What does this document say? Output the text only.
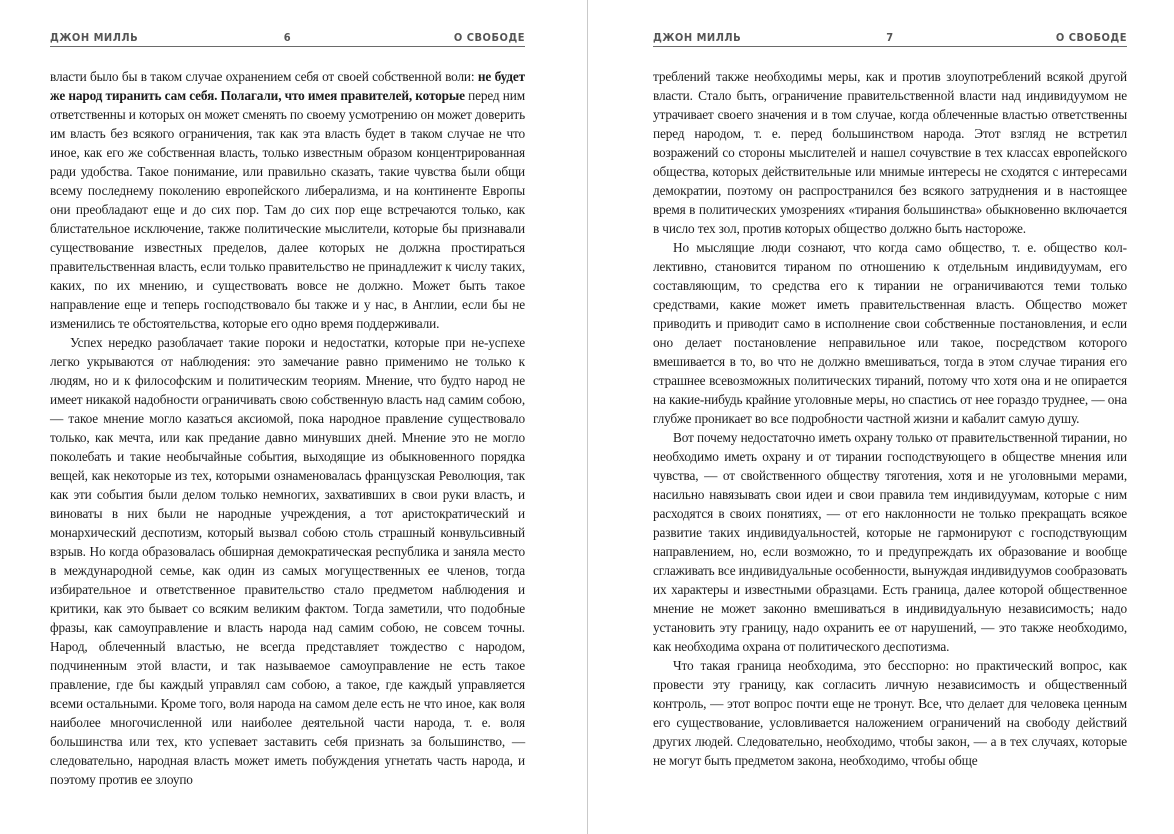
ДЖОН МИЛЛЬ	6	О СВОБОДЕ

власти было бы в таком случае охранением себя от своей собственной воли: не будет же народ тиранить сам себя. Полагали, что имея правителей, которые перед ним ответственны и которых он может сменять по своему усмотрению он может доверить им власть без всякого ограничения, так как эта власть будет в таком случае не что иное, как его же собственная власть, только известным образом концентрированная ради удобства. Такое понимание, или правильно сказать, такие чувства были общи всему последнему поколению европейского либерализма, и на континенте Европы они преобладают еще и до сих пор. Там до сих пор еще встречаются только, как блистательное исключение, также политические мыслители, которые бы признавали существование известных пределов, далее которых не должна простираться правительственная власть, если только правительство не принадлежит к числу таких, каких, по их мнению, и существовать вовсе не должно. Может быть такое направление еще и теперь господствовало бы также и у нас, в Англии, если бы не изменились те обстоятельства, которые его одно время поддерживали.

Успех нередко разоблачает такие пороки и недостатки, которые при не-успехе легко укрываются от наблюдения: это замечание равно применимо не только к людям, но и к философским и политическим теориям. Мнение, что будто народ не имеет никакой надобности ограничивать свою собственную власть над самим собою, — такое мнение могло казаться аксиомой, пока народное правление существовало только, как мечта, или как предание давно минувших дней. Мнение это не могло поколебать и такие необычайные события, выходящие из обыкновенного порядка вещей, как некоторые из тех, которыми ознаменовалась французская Революция, так как эти события были делом только немногих, захвативших в свои руки власть, и виноваты в них были не народные учреждения, а тот аристократический и монархический деспотизм, который вызвал собою столь страшный конвульсивный взрыв. Но когда образовалась обширная демократическая республика и заняла место в международной семье, как один из самых могущественных ее членов, тогда избирательное и ответственное правительство стало предметом наблюдения и критики, как это бывает со всяким великим фактом. Тогда заметили, что подобные фразы, как самоуправление и власть народа над самим собою, не совсем точны. Народ, облеченный властью, не всегда представляет тождество с народом, подчиненным этой власти, и так называемое самоуправление не есть такое правление, где бы каждый управлял сам собою, а такое, где каждый управляется всеми остальными. Кроме того, воля народа на самом деле есть не что иное, как воля наиболее многочисленной или наиболее деятельной части народа, т. е. воля большинства или тех, кто успевает заставить себя признать за большинство, — следовательно, народная власть может иметь побуждения угнетать часть народа, и поэтому против ее злоупо

ДЖОН МИЛЛЬ	7	О СВОБОДЕ

треблений также необходимы меры, как и против злоупотреблений всякой другой власти. Стало быть, ограничение правительственной власти над индивидуумом не утрачивает своего значения и в том случае, когда облеченные властью ответственны перед народом, т. е. перед большинством народа. Этот взгляд не встретил возражений со стороны мыслителей и нашел сочувствие в тех классах европейского общества, которых действительные или мнимые интересы не сходятся с интересами демократии, поэтому он распространился без всякого затруднения и в настоящее время в политических умозрениях «тирания большинства» обыкновенно включается в число тех зол, против которых общество должно быть настороже.

Но мыслящие люди сознают, что когда само общество, т. е. общество коллективно, становится тираном по отношению к отдельным индивидуумам, его составляющим, то средства его к тирании не ограничиваются теми только средствами, какие может иметь правительственная власть. Общество может приводить и приводит само в исполнение свои собственные постановления, и если оно делает постановление неправильное или такое, посредством которого вмешивается в то, во что не должно вмешиваться, тогда в этом случае тирания его страшнее всевозможных политических тираний, потому что хотя она и не опирается на какие-нибудь крайние уголовные меры, но спастись от нее гораздо труднее, — она глубже проникает во все подробности частной жизни и кабалит самую душу.

Вот почему недостаточно иметь охрану только от правительственной тирании, но необходимо иметь охрану и от тирании господствующего в обществе мнения или чувства, — от свойственного обществу тяготения, хотя и не уголовными мерами, насильно навязывать свои идеи и свои правила тем индивидуумам, которые с ним расходятся в своих понятиях, — от его наклонности не только прекращать всякое развитие таких индивидуальностей, которые не гармонируют с господствующим направлением, но, если возможно, то и предупреждать их образование и вообще сглаживать все индивидуальные особенности, вынуждая индивидуумов сообразовать их характеры и известными образцами. Есть граница, далее которой общественное мнение не может законно вмешиваться в индивидуальную независимость; надо установить эту границу, надо охранить ее от нарушений, — это также необходимо, как необходима охрана от политического деспотизма.

Что такая граница необходима, это бесспорно: но практический вопрос, как провести эту границу, как согласить личную независимость и общественный контроль, — этот вопрос почти еще не тронут. Все, что делает для человека ценным его существование, условливается наложением ограничений на свободу действий других людей. Следовательно, необходимо, чтобы закон, — а в тех случаях, которые не могут быть предметом закона, необходимо, чтобы обще
